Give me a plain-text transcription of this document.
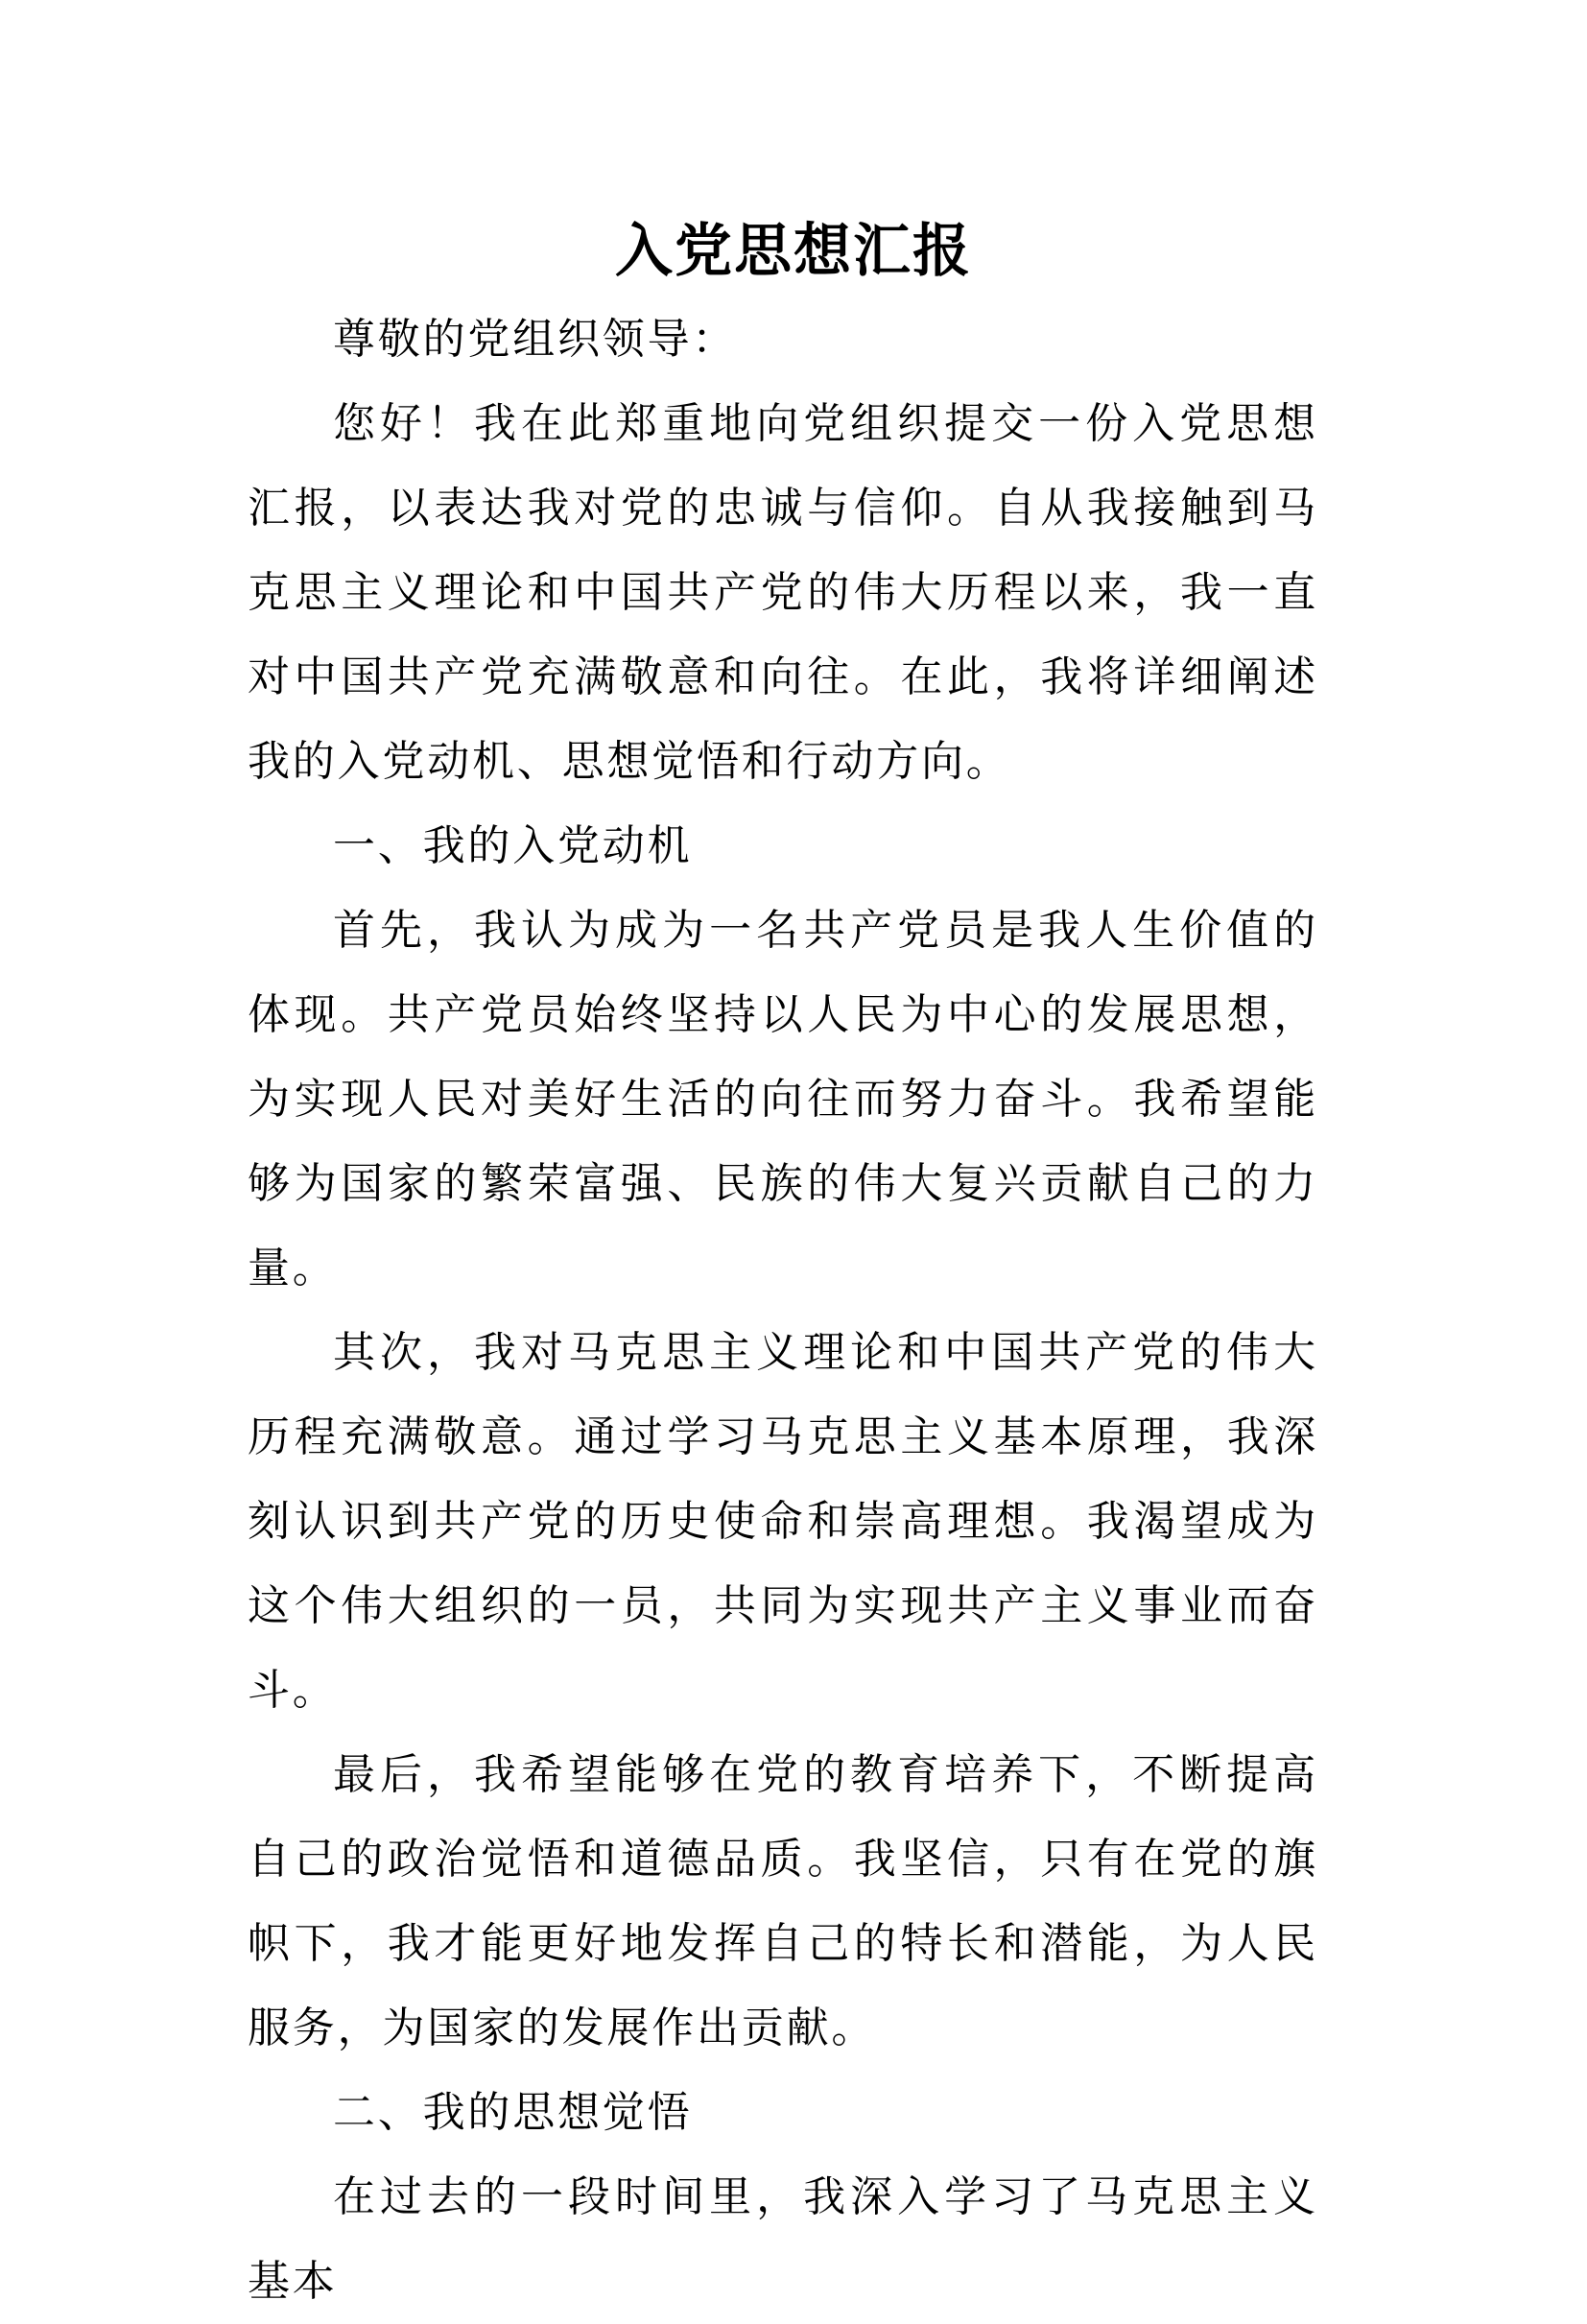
入党思想汇报

尊敬的党组织领导：

您好！我在此郑重地向党组织提交一份入党思想汇报，以表达我对党的忠诚与信仰。自从我接触到马克思主义理论和中国共产党的伟大历程以来，我一直对中国共产党充满敬意和向往。在此，我将详细阐述我的入党动机、思想觉悟和行动方向。

一、我的入党动机

首先，我认为成为一名共产党员是我人生价值的体现。共产党员始终坚持以人民为中心的发展思想，为实现人民对美好生活的向往而努力奋斗。我希望能够为国家的繁荣富强、民族的伟大复兴贡献自己的力量。

其次，我对马克思主义理论和中国共产党的伟大历程充满敬意。通过学习马克思主义基本原理，我深刻认识到共产党的历史使命和崇高理想。我渴望成为这个伟大组织的一员，共同为实现共产主义事业而奋斗。

最后，我希望能够在党的教育培养下，不断提高自己的政治觉悟和道德品质。我坚信，只有在党的旗帜下，我才能更好地发挥自己的特长和潜能，为人民服务，为国家的发展作出贡献。

二、我的思想觉悟

在过去的一段时间里，我深入学习了马克思主义基本
